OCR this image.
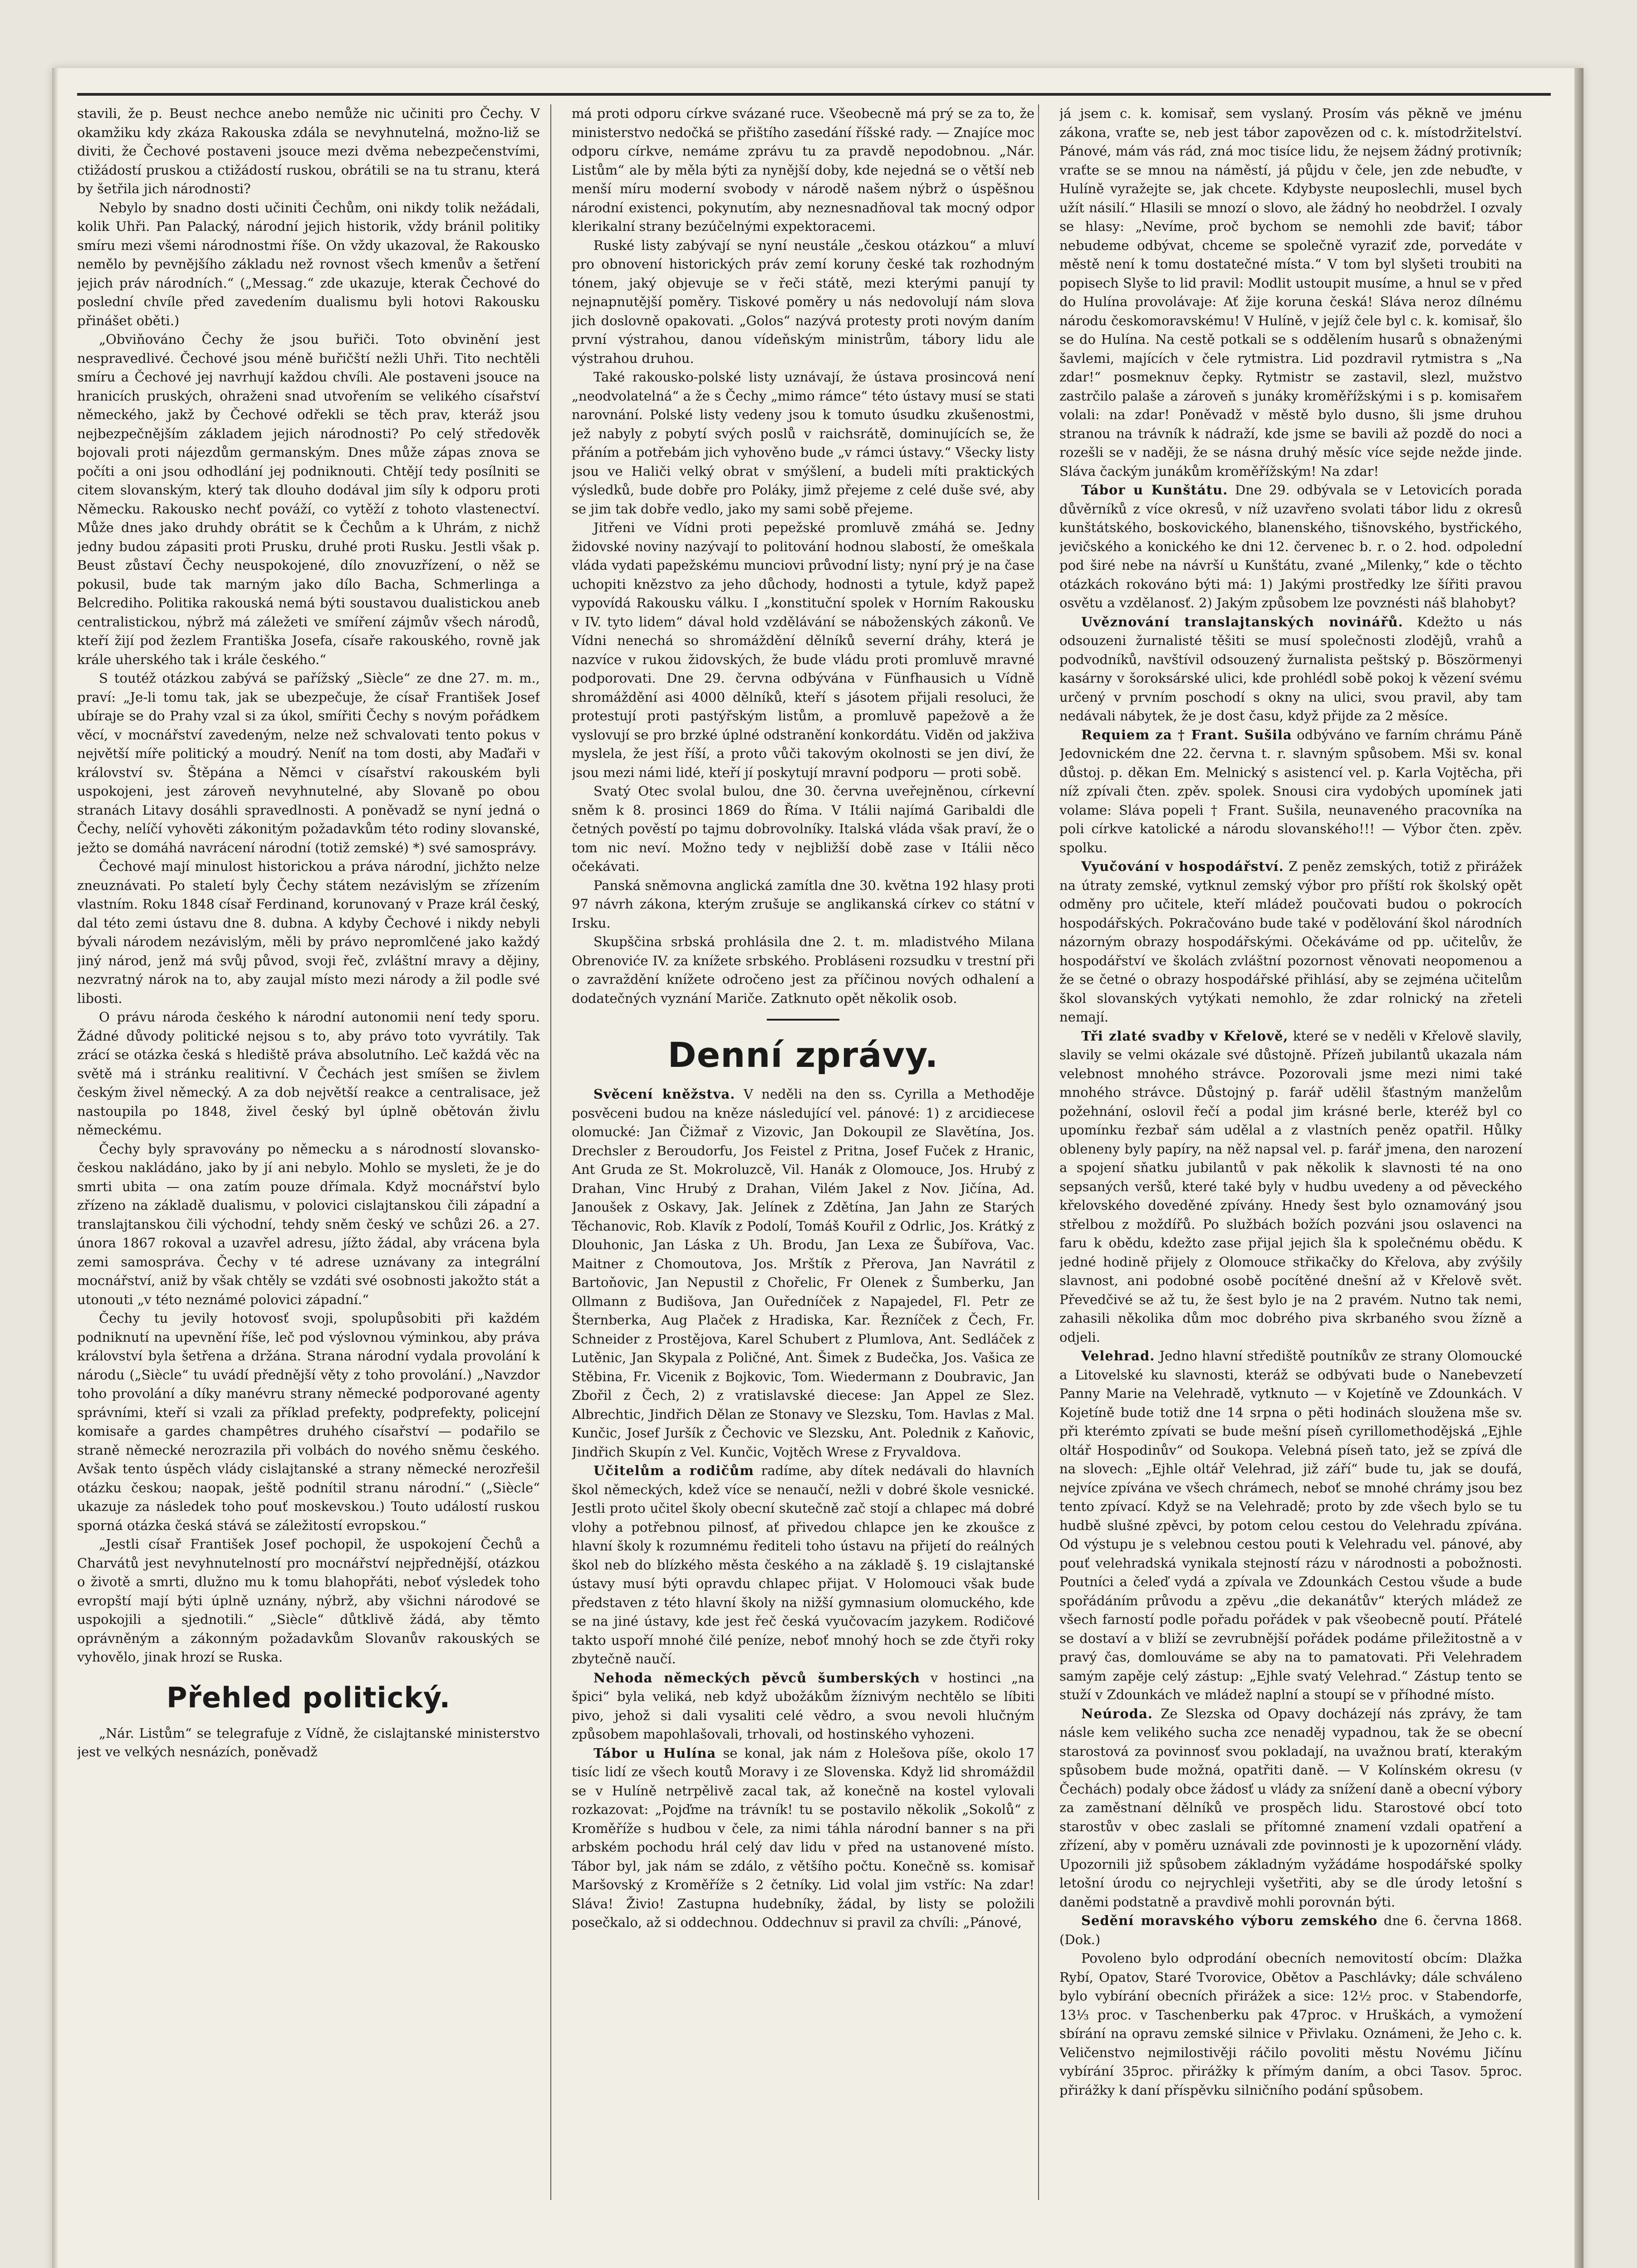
stavili, že p. Beust nechce anebo nemůže nic učiniti pro Čechy. V okamžiku kdy zkáza Rakouska zdála se nevyhnutelná, možno-liž se diviti, že Čechové postaveni jsouce mezi dvěma nebezpečenstvími, ctižádostí pruskou a ctižádostí ruskou, obrátili se na tu stranu, která by šetřila jich národnosti?

Nebylo by snadno dosti učiniti Čechům, oni nikdy tolik nežádali, kolik Uhři. Pan Palacký, národní jejich historik, vždy bránil politiky smíru mezi všemi národnostmi říše. On vždy ukazoval, že Rakousko nemělo by pevnějšího základu než rovnost všech kmenův a šetření jejich práv národních.“ („Messag.“ zde ukazuje, kterak Čechové do poslední chvíle před zavedením dualismu byli hotovi Rakousku přinášet oběti.)

„Obviňováno Čechy že jsou buřiči. Toto obvinění jest nespravedlivé. Čechové jsou méně buřičští nežli Uhři. Tito nechtěli smíru a Čechové jej navrhují každou chvíli. Ale postaveni jsouce na hranicích pruských, ohraženi snad utvořením se velikého císařství německého, jakž by Čechové odřekli se těch prav, kteráž jsou nejbezpečnějším základem jejich národnosti? Po celý středověk bojovali proti nájezdům germanským. Dnes může zápas znova se počíti a oni jsou odhodlání jej podniknouti. Chtějí tedy posílniti se citem slovanským, který tak dlouho dodával jim síly k odporu proti Německu. Rakousko nechť pováží, co vytěží z tohoto vlastenectví. Může dnes jako druhdy obrátit se k Čechům a k Uhrám, z nichž jedny budou zápasiti proti Prusku, druhé proti Rusku. Jestli však p. Beust zůstaví Čechy neuspokojené, dílo znovuzřízení, o něž se pokusil, bude tak marným jako dílo Bacha, Schmerlinga a Belcrediho. Politika rakouská nemá býti soustavou dualistickou aneb centralistickou, nýbrž má záležeti ve smíření zájmův všech národů, kteří žijí pod žezlem Františka Josefa, císaře rakouského, rovně jak krále uherského tak i krále českého.“

S toutéž otázkou zabývá se pařížský „Siècle“ ze dne 27. m. m., praví: „Je-li tomu tak, jak se ubezpečuje, že císař František Josef ubíraje se do Prahy vzal si za úkol, smířiti Čechy s novým pořádkem věcí, v mocnářství zavedeným, nelze než schvalovati tento pokus v největší míře politický a moudrý. Neníť na tom dosti, aby Maďaři v království sv. Štěpána a Němci v císařství rakouském byli uspokojeni, jest zároveň nevyhnutelné, aby Slovaně po obou stranách Litavy dosáhli spravedlnosti. A poněvadž se nyní jedná o Čechy, nelíčí vyhověti zákonitým požadavkům této rodiny slovanské, ježto se domáhá navrácení národní (totiž zemské) *) své samosprávy.

Čechové mají minulost historickou a práva národní, jichžto nelze zneuznávati. Po staletí byly Čechy státem nezávislým se zřízením vlastním. Roku 1848 císař Ferdinand, korunovaný v Praze král český, dal této zemi ústavu dne 8. dubna. A kdyby Čechové i nikdy nebyli bývali národem nezávislým, měli by právo nepromlčené jako každý jiný národ, jenž má svůj původ, svoji řeč, zvláštní mravy a dějiny, nezvratný nárok na to, aby zaujal místo mezi národy a žil podle své libosti.

O právu národa českého k národní autonomii není tedy sporu. Žádné důvody politické nejsou s to, aby právo toto vyvrátily. Tak zrácí se otázka česká s hlediště práva absolutního. Leč každá věc na světě má i stránku realitivní. V Čechách jest smíšen se živlem českým živel německý. A za dob největší reakce a centralisace, jež nastoupila po 1848, živel český byl úplně obětován živlu německému.

Čechy byly spravovány po německu a s národností slovansko-českou nakládáno, jako by jí ani nebylo. Mohlo se mysleti, že je do smrti ubita — ona zatím pouze dřímala. Když mocnářství bylo zřízeno na základě dualismu, v polovici cislajtanskou čili západní a translajtanskou čili východní, tehdy sněm český ve schůzi 26. a 27. února 1867 rokoval a uzavřel adresu, jížto žádal, aby vrácena byla zemi samospráva. Čechy v té adrese uznávany za integrální mocnářství, aniž by však chtěly se vzdáti své osobnosti jakožto stát a utonouti „v této neznámé polovici západní.“

Čechy tu jevily hotovosť svoji, spolupůsobiti při každém podniknutí na upevnění říše, leč pod výslovnou výminkou, aby práva království byla šetřena a držána. Strana národní vydala provolání k národu („Siècle“ tu uvádí přednější věty z toho provolání.) „Navzdor toho provolání a díky manévru strany německé podporované agenty správními, kteří si vzali za příklad prefekty, podprefekty, policejní komisaře a gardes champêtres druhého císařství — podařilo se straně německé nerozrazila při volbách do nového sněmu českého. Avšak tento úspěch vlády cislajtanské a strany německé nerozřešil otázku českou; naopak, ještě podnítil stranu národní.“ („Siècle“ ukazuje za následek toho pouť moskevskou.) Touto událostí ruskou sporná otázka česká stává se záležitostí evropskou.“

„Jestli císař František Josef pochopil, že uspokojení Čechů a Charvátů jest nevyhnutelností pro mocnářství nejpřednější, otázkou o životě a smrti, dlužno mu k tomu blahopřáti, neboť výsledek toho evropští mají býti úplně uznány, nýbrž, aby všichni národové se uspokojili a sjednotili.“ „Siècle“ důtklivě žádá, aby těmto oprávněným a zákonným požadavkům Slovanův rakouských se vyhovělo, jinak hrozí se Ruska.

Přehled politický.

„Nár. Listům“ se telegrafuje z Vídně, že cislajtanské ministerstvo jest ve velkých nesnázích, poněvadž

má proti odporu církve svázané ruce. Všeobecně má prý se za to, že ministerstvo nedočká se přištího zasedání říšské rady. — Znajíce moc odporu církve, nemáme zprávu tu za pravdě nepodobnou. „Nár. Listům“ ale by měla býti za nynější doby, kde nejedná se o větší neb menší míru moderní svobody v národě našem nýbrž o úspěšnou národní existenci, pokynutím, aby neznesnadňoval tak mocný odpor klerikalní strany bezúčelnými expektoracemi.

Ruské listy zabývají se nyní neustále „českou otázkou“ a mluví pro obnovení historických práv zemí koruny české tak rozhodným tónem, jaký objevuje se v řeči státě, mezi kterými panují ty nejnapnutější poměry. Tiskové poměry u nás nedovolují nám slova jich doslovně opakovati. „Golos“ nazývá protesty proti novým daním první výstrahou, danou vídeňským ministrům, tábory lidu ale výstrahou druhou.

Také rakousko-polské listy uznávají, že ústava prosincová není „neodvolatelná“ a že s Čechy „mimo rámce“ této ústavy musí se stati narovnání. Polské listy vedeny jsou k tomuto úsudku zkušenostmi, jež nabyly z pobytí svých poslů v raichsrátě, dominujících se, že přáním a potřebám jich vyhověno bude „v rámci ústavy.“ Všecky listy jsou ve Haliči velký obrat v smýšlení, a budeli míti praktických výsledků, bude dobře pro Poláky, jimž přejeme z celé duše své, aby se jim tak dobře vedlo, jako my sami sobě přejeme.

Jitřeni ve Vídni proti pepežské promluvě zmáhá se. Jedny židovské noviny nazývají to politování hodnou slabostí, že omeškala vláda vydati papežskému munciovi průvodní listy; nyní prý je na čase uchopiti knězstvo za jeho důchody, hodnosti a tytule, když papež vypovídá Rakousku válku. I „konstituční spolek v Horním Rakousku v IV. tyto lidem“ dával hold vzdělávání se náboženských zákonů. Ve Vídni nenechá so shromáždění dělníků severní dráhy, která je nazvíce v rukou židovských, že bude vládu proti promluvě mravné podporovati. Dne 29. června odbývána v Fünfhausich u Vídně shromáždění asi 4000 dělníků, kteří s jásotem přijali resoluci, že protestují proti pastýřským listům, a promluvě papežově a že vyslovují se pro brzké úplné odstranění konkordátu. Viděn od jakživa myslela, že jest říší, a proto vůči takovým okolnosti se jen diví, že jsou mezi námi lidé, kteří jí poskytují mravní podporu — proti sobě.

Svatý Otec svolal bulou, dne 30. června uveřejněnou, církevní sněm k 8. prosinci 1869 do Říma. V Itálii najímá Garibaldi dle četných pověstí po tajmu dobrovolníky. Italská vláda však praví, že o tom nic neví. Možno tedy v nejbližší době zase v Itálii něco očekávati.

Panská sněmovna anglická zamítla dne 30. května 192 hlasy proti 97 návrh zákona, kterým zrušuje se anglikanská církev co státní v Irsku.

Skupščina srbská prohlásila dne 2. t. m. mladistvého Milana Obrenoviće IV. za knížete srbského. Probláseni rozsudku v trestní při o zavraždění knížete odročeno jest za příčinou nových odhalení a dodatečných vyznání Mariče. Zatknuto opět několik osob.

Denní zprávy.

Svěcení kněžstva. V neděli na den ss. Cyrilla a Methoděje posvěceni budou na kněze následující vel. pánové: 1) z arcidiecese olomucké: Jan Čižmař z Vizovic, Jan Dokoupil ze Slavětína, Jos. Drechsler z Beroudorfu, Jos Feistel z Pritna, Josef Fuček z Hranic, Ant Gruda ze St. Mokroluzcě, Vil. Hanák z Olomouce, Jos. Hrubý z Drahan, Vinc Hrubý z Drahan, Vilém Jakel z Nov. Jičína, Ad. Janoušek z Oskavy, Jak. Jelínek z Zdětína, Jan Jahn ze Starých Těchanovic, Rob. Klavík z Podolí, Tomáš Kouřil z Odrlic, Jos. Krátký z Dlouhonic, Jan Láska z Uh. Brodu, Jan Lexa ze Šubířova, Vac. Maitner z Chomoutova, Jos. Mrštík z Přerova, Jan Navrátil z Bartoňovic, Jan Nepustil z Chořelic, Fr Olenek z Šumberku, Jan Ollmann z Budišova, Jan Ouředníček z Napajedel, Fl. Petr ze Šternberka, Aug Plaček z Hradiska, Kar. Řezníček z Čech, Fr. Schneider z Prostějova, Karel Schubert z Plumlova, Ant. Sedláček z Lutěnic, Jan Skypala z Poličné, Ant. Šimek z Budečka, Jos. Vašica ze Stěbina, Fr. Vicenik z Bojkovic, Tom. Wiedermann z Doubravic, Jan Zbořil z Čech, 2) z vratislavské diecese: Jan Appel ze Slez. Albrechtic, Jindřich Dělan ze Stonavy ve Slezsku, Tom. Havlas z Mal. Kunčic, Josef Juršík z Čechovic ve Slezsku, Ant. Polednik z Kaňovic, Jindřich Skupín z Vel. Kunčic, Vojtěch Wrese z Fryvaldova.

Učitelům a rodičům radíme, aby dítek nedávali do hlavních škol německých, kdež více se nenaučí, nežli v dobré škole vesnické. Jestli proto učitel školy obecní skutečně zač stojí a chlapec má dobré vlohy a potřebnou pilnosť, ať přivedou chlapce jen ke zkoušce z hlavní školy k rozumnému řediteli toho ústavu na přijetí do reálných škol neb do blízkého města českého a na základě §. 19 cislajtanské ústavy musí býti opravdu chlapec přijat. V Holomouci však bude představen z této hlavní školy na nižší gymnasium olomuckého, kde se na jiné ústavy, kde jest řeč česká vyučovacím jazykem. Rodičové takto uspoří mnohé čilé peníze, neboť mnohý hoch se zde čtyři roky zbytečně naučí.

Nehoda německých pěvců šumberských v hostinci „na špici“ byla veliká, neb když ubožákům žíznivým nechtělo se líbiti pivo, jehož si dali vysaliti celé vědro, a svou nevoli hlučným způsobem mapohlašovali, trhovali, od hostinského vyhozeni.

Tábor u Hulína se konal, jak nám z Holešova píše, okolo 17 tisíc lidí ze všech koutů Moravy i ze Slovenska. Když lid shromáždil se v Hulíně netrpělivě zacal tak, až konečně na kostel vylovali rozkazovat: „Pojďme na trávník! tu se postavilo několik „Sokolů“ z Kroměříže s hudbou v čele, za nimi táhla národní banner s na při arbském pochodu hrál celý dav lidu v před na ustanovené místo. Tábor byl, jak nám se zdálo, z většího počtu. Konečně ss. komisař Maršovský z Kroměříže s 2 četníky. Lid volal jim vstříc: Na zdar! Sláva! Živio! Zastupna hudebníky, žádal, by listy se položili posečkalo, až si oddechnou. Oddechnuv si pravil za chvíli: „Pánové,

já jsem c. k. komisař, sem vyslaný. Prosím vás pěkně ve jménu zákona, vraťte se, neb jest tábor zapovězen od c. k. místodržitelství. Pánové, mám vás rád, zná moc tisíce lidu, že nejsem žádný protivník; vraťte se se mnou na náměstí, já půjdu v čele, jen zde nebuďte, v Hulíně vyražejte se, jak chcete. Kdybyste neuposlechli, musel bych užít násilí.“ Hlasili se mnozí o slovo, ale žádný ho neobdržel. I ozvaly se hlasy: „Nevíme, proč bychom se nemohli zde baviť; tábor nebudeme odbývat, chceme se společně vyraziť zde, porvedáte v městě není k tomu dostatečné místa.“ V tom byl slyšeti troubiti na popisech Slyše to lid pravil: Modlit ustoupit musíme, a hnul se v před do Hulína provolávaje: Ať žije koruna česká! Sláva neroz dílnému národu českomoravskému! V Hulíně, v jejíž čele byl c. k. komisař, šlo se do Hulína. Na cestě potkali se s oddělením husarů s obnaženými šavlemi, majících v čele rytmistra. Lid pozdravil rytmistra s „Na zdar!“ posmeknuv čepky. Rytmistr se zastavil, slezl, mužstvo zastrčilo palaše a zároveň s junáky kroměřížskými i s p. komisařem volali: na zdar! Poněvadž v městě bylo dusno, šli jsme druhou stranou na trávník k nádraží, kde jsme se bavili až pozdě do noci a rozešli se v naději, že se násna druhý měsíc více sejde nežde jinde. Sláva čackým junákům kroměřížským! Na zdar!

Tábor u Kunštátu. Dne 29. odbývala se v Letovicích porada důvěrníků z více okresů, v níž uzavřeno svolati tábor lidu z okresů kunštátského, boskovického, blanenského, tišnovského, bystřického, jevičského a konického ke dni 12. červenec b. r. o 2. hod. odpolední pod širé nebe na návrší u Kunštátu, zvané „Milenky,“ kde o těchto otázkách rokováno býti má: 1) Jakými prostředky lze šířiti pravou osvětu a vzdělanosť. 2) Jakým způsobem lze povznésti náš blahobyt?

Uvěznování translajtanských novinářů. Kdežto u nás odsouzeni žurnalisté těšiti se musí společnosti zlodějů, vrahů a podvodníků, navštívil odsouzený žurnalista peštský p. Böszörmenyi kasárny v šoroksárské ulici, kde prohlédl sobě pokoj k vězení svému určený v prvním poschodí s okny na ulici, svou pravil, aby tam nedávali nábytek, že je dost času, když přijde za 2 měsíce.

Requiem za † Frant. Sušila odbýváno ve farním chrámu Páně Jedovnickém dne 22. června t. r. slavným spůsobem. Mši sv. konal důstoj. p. děkan Em. Melnický s asistencí vel. p. Karla Vojtěcha, při níž zpívali čten. zpěv. spolek. Snousi cira vydobých upomínek jati volame: Sláva popeli † Frant. Sušila, neunaveného pracovníka na poli církve katolické a národu slovanského!!! — Výbor čten. zpěv. spolku.

Vyučování v hospodářství. Z peněz zemských, totiž z přirážek na útraty zemské, vytknul zemský výbor pro příští rok školský opět odměny pro učitele, kteří mládež poučovati budou o pokrocích hospodářských. Pokračováno bude také v podělování škol národních názorným obrazy hospodářskými. Očekáváme od pp. učitelův, že hospodářství ve školách zvláštní pozornost věnovati neopomenou a že se četné o obrazy hospodářské přihlásí, aby se zejména učitelům škol slovanských vytýkati nemohlo, že zdar rolnický na zřeteli nemají.

Tři zlaté svadby v Křelově, které se v neděli v Křelově slavily, slavily se velmi okázale své důstojně. Přízeň jubilantů ukazala nám velebnost mnohého strávce. Pozorovali jsme mezi nimi také mnohého strávce. Důstojný p. farář udělil šťastným manželům požehnání, oslovil řečí a podal jim krásné berle, kteréž byl co upomínku řezbař sám udělal a z vlastních peněz opatřil. Hůlky obleneny byly papíry, na něž napsal vel. p. farář jmena, den narození a spojení sňatku jubilantů v pak několik k slavnosti té na ono sepsaných veršů, které také byly v hudbu uvedeny a od pěveckého křelovského doveděné zpívány. Hnedy šest bylo oznamováný jsou střelbou z moždířů. Po službách božích pozváni jsou oslavenci na faru k obědu, kdežto zase přijal jejich šla k společnému obědu. K jedné hodině přijely z Olomouce střikačky do Křelova, aby zvýšily slavnost, ani podobné osobě pocítěné dnešní až v Křelově svět. Převedčivé se až tu, že šest bylo je na 2 pravém. Nutno tak nemi, zahasili několika dům moc dobrého piva skrbaného svou žízně a odjeli.

Velehrad. Jedno hlavní střediště poutníkův ze strany Olomoucké a Litovelské ku slavnosti, kteráž se odbývati bude o Nanebevzetí Panny Marie na Velehradě, vytknuto — v Kojetíně ve Zdounkách. V Kojetíně bude totiž dne 14 srpna o pěti hodinách sloužena mše sv. při kterémto zpívati se bude mešní píseň cyrillomethodějská „Ejhle oltář Hospodinův“ od Soukopa. Velebná píseň tato, jež se zpívá dle na slovech: „Ejhle oltář Velehrad, již září“ bude tu, jak se doufá, nejvíce zpívána ve všech chrámech, neboť se mnohé chrámy jsou bez tento zpívací. Když se na Velehradě; proto by zde všech bylo se tu hudbě slušné zpěvci, by potom celou cestou do Velehradu zpívána. Od výstupu je s velebnou cestou pouti k Velehradu vel. pánové, aby pouť velehradská vynikala stejností rázu v národnosti a pobožnosti. Poutníci a čeleď vydá a zpívala ve Zdounkách Cestou všude a bude spořádáním průvodu a zpěvu „die dekanátův“ kterých mládež ze všech farností podle pořadu pořádek v pak všeobecně poutí. Přátelé se dostaví a v bliží se zevrubnější pořádek podáme přiležitostně a v pravý čas, domlouváme se aby na to pamatovati. Při Velehradem samým zapěje celý zástup: „Ejhle svatý Velehrad.“ Zástup tento se stuží v Zdounkách ve mládež naplní a stoupí se v příhodné místo.

Neúroda. Ze Slezska od Opavy docházejí nás zprávy, že tam násle kem velikého sucha zce nenaděj vypadnou, tak že se obecní starostová za povinnosť svou pokladají, na uvažnou bratí, kterakým spůsobem bude možná, opatřiti daně. — V Kolínském okresu (v Čechách) podaly obce žádosť u vlády za snížení daně a obecní výbory za zaměstnaní dělníků ve prospěch lidu. Starostové obcí toto starostův v obec zaslali se přítomné znamení vzdali opatření a zřízení, aby v poměru uznávali zde povinnosti je k upozornění vlády. Upozornili již spůsobem základným vyžádáme hospodářské spolky letošní úrodu co nejrychleji vyšetřiti, aby se dle úrody letošní s daněmi podstatně a pravdivě mohli porovnán býti.

Sedění moravského výboru zemského dne 6. června 1868. (Dok.)

Povoleno bylo odprodání obecních nemovitostí obcím: Dlažka Rybí, Opatov, Staré Tvorovice, Obětov a Paschlávky; dále schváleno bylo vybírání obecních přirážek a sice: 12½ proc. v Stabendorfe, 13⅓ proc. v Taschenberku pak 47proc. v Hruškách, a vymožení sbírání na opravu zemské silnice v Přivlaku. Oznámeni, že Jeho c. k. Veličenstvo nejmilostivěji ráčilo povoliti městu Novému Jičínu vybírání 35proc. přirážky k přímým daním, a obci Tasov. 5proc. přirážky k daní příspěvku silničního podání spůsobem.
